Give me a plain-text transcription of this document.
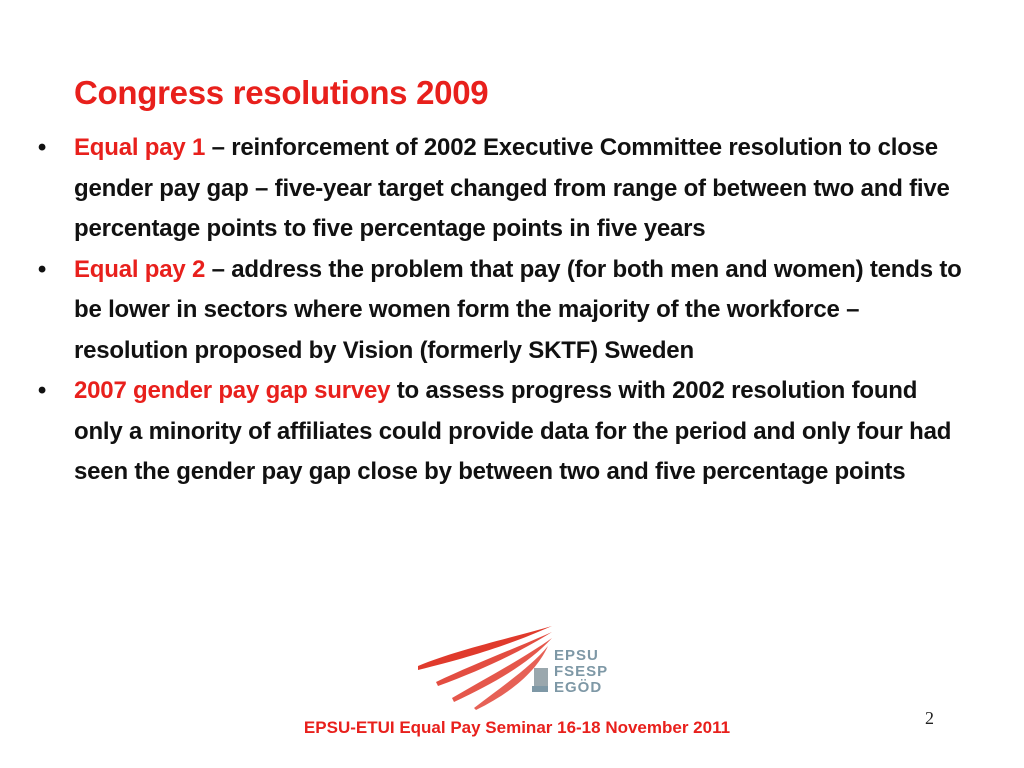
Congress resolutions 2009
• Equal pay 1 – reinforcement of 2002 Executive Committee resolution to close gender pay gap – five-year target changed from range of between two and five percentage points to five percentage points in five years
• Equal pay 2 – address the problem that pay (for both men and women) tends to be lower in sectors where women form the majority of the workforce – resolution proposed by Vision (formerly SKTF) Sweden
• 2007 gender pay gap survey to assess progress with 2002 resolution found only a minority of affiliates could provide data for the period and only four had seen the gender pay gap close by between two and five percentage points
EPSU
FSESP
EGÖD
EPSU-ETUI Equal Pay Seminar 16-18 November 2011	2
